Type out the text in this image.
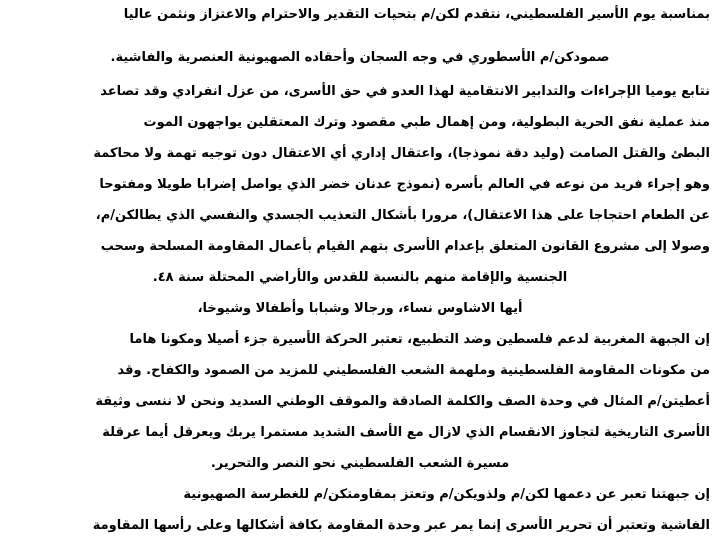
بمناسبة يوم الأسير الفلسطيني، نتقدم لكن/م بتحيات التقدير والاحترام والاعتزاز ونثمن عاليا
صمودكن/م الأسطوري في وجه السجان وأحقاده الصهيونية العنصرية والفاشية.
نتابع يوميا الإجراءات والتدابير الانتقامية لهذا العدو في حق الأسرى، من عزل انفرادي وقد تصاعد
منذ عملية نفق الحرية البطولية، ومن إهمال طبي مقصود وترك المعتقلين يواجهون الموت
البطئ والقتل الصامت (وليد دقة نموذجا)، واعتقال إداري أي الاعتقال دون توجيه تهمة ولا محاكمة
وهو إجراء فريد من نوعه في العالم بأسره (نموذج عدنان خضر الذي يواصل إضرابا طويلا ومفتوحا
عن الطعام احتجاجا على هذا الاعتقال)، مرورا بأشكال التعذيب الجسدي والنفسي الذي يطالكن/م،
وصولا إلى مشروع القانون المتعلق بإعدام الأسرى بتهم القيام بأعمال المقاومة المسلحة وسحب
الجنسية والإقامة منهم بالنسبة للقدس والأراضي المحتلة سنة ٤٨.
أيها الاشاوس نساء، ورجالا وشبابا وأطفالا وشيوخا،
إن الجبهة المغربية لدعم فلسطين وضد التطبيع، تعتبر الحركة الأسيرة جزء أصيلا ومكونا هاما
من مكونات المقاومة الفلسطينية وملهمة الشعب الفلسطيني للمزيد من الصمود والكفاح. وقد
أعطيتن/م المثال في وحدة الصف والكلمة الصادقة والموقف الوطني السديد ونحن لا ننسى وثيقة
الأسرى التاريخية لتجاوز الانقسام الذي لازال مع الأسف الشديد مستمرا يربك ويعرقل أيما عرقلة
مسيرة الشعب الفلسطيني نحو النصر والتحرير.
إن جبهتنا تعبر عن دعمها لكن/م ولذويكن/م وتعتز بمقاومتكن/م للغطرسة الصهيونية
الفاشية وتعتبر أن تحرير الأسرى إنما يمر عبر وحدة المقاومة بكافة أشكالها وعلى رأسها المقاومة
